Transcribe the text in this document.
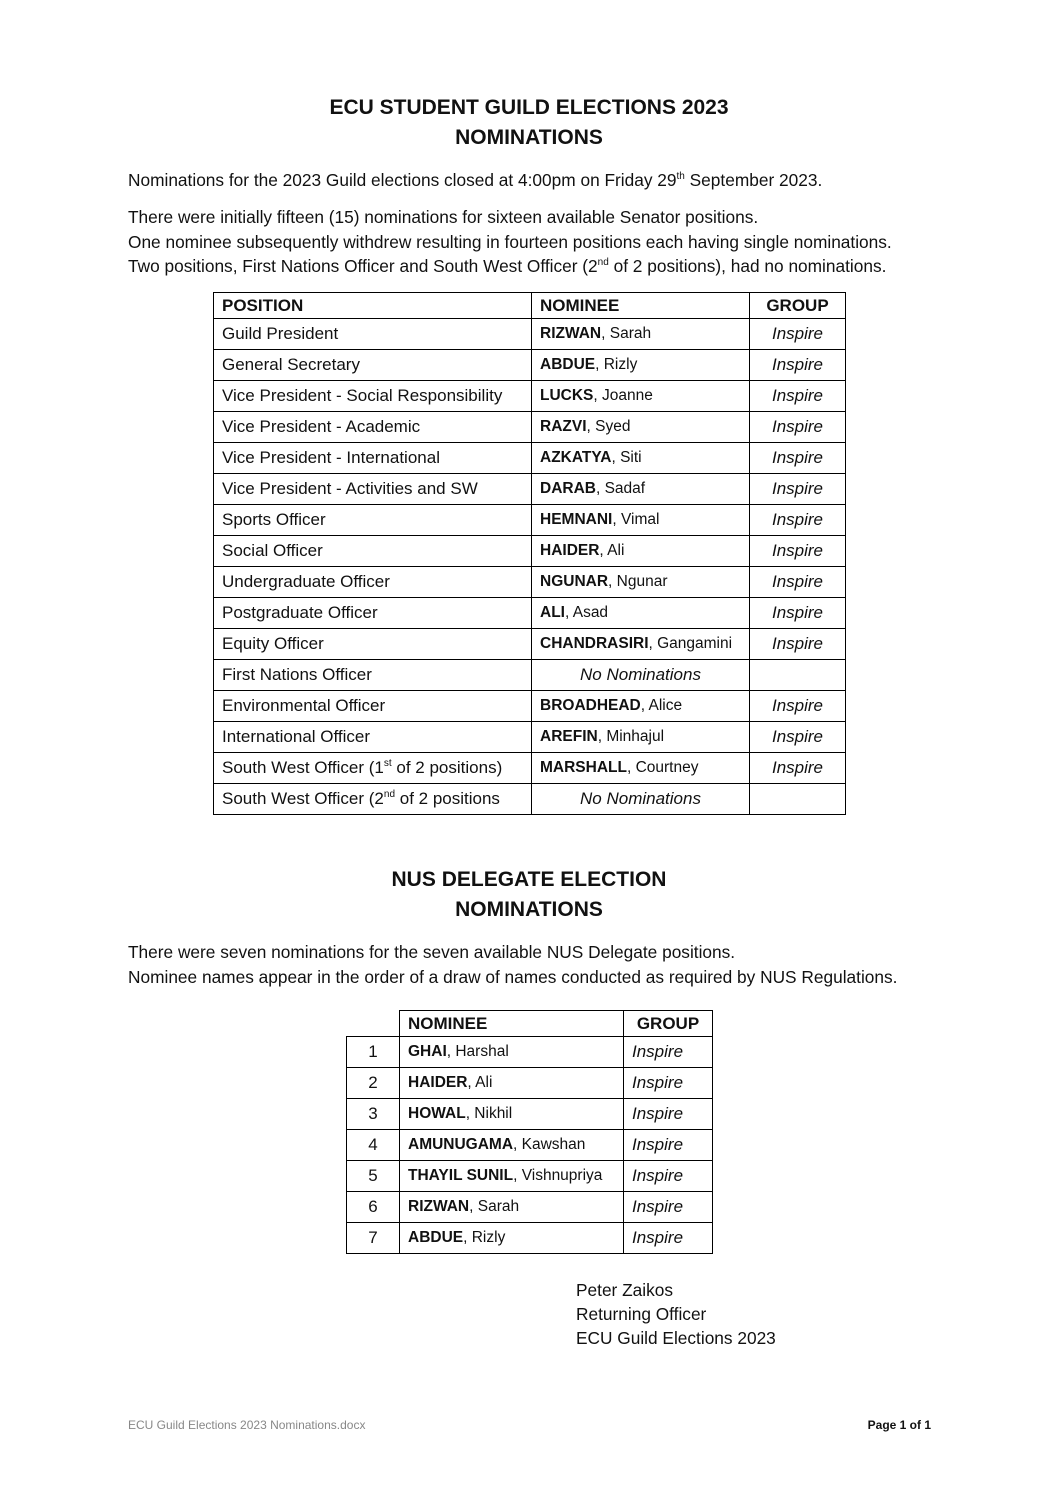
ECU STUDENT GUILD ELECTIONS 2023
NOMINATIONS
Nominations for the 2023 Guild elections closed at 4:00pm on Friday 29th September 2023.
There were initially fifteen (15) nominations for sixteen available Senator positions.
One nominee subsequently withdrew resulting in fourteen positions each having single nominations.
Two positions, First Nations Officer and South West Officer (2nd of 2 positions), had no nominations.
POSITION	NOMINEE	GROUP
Guild President	RIZWAN, Sarah	Inspire
General Secretary	ABDUE, Rizly	Inspire
Vice President - Social Responsibility	LUCKS, Joanne	Inspire
Vice President - Academic	RAZVI, Syed	Inspire
Vice President - International	AZKATYA, Siti	Inspire
Vice President - Activities and SW	DARAB, Sadaf	Inspire
Sports Officer	HEMNANI, Vimal	Inspire
Social Officer	HAIDER, Ali	Inspire
Undergraduate Officer	NGUNAR, Ngunar	Inspire
Postgraduate Officer	ALI, Asad	Inspire
Equity Officer	CHANDRASIRI, Gangamini	Inspire
First Nations Officer	No Nominations	
Environmental Officer	BROADHEAD, Alice	Inspire
International Officer	AREFIN, Minhajul	Inspire
South West Officer (1st of 2 positions)	MARSHALL, Courtney	Inspire
South West Officer (2nd of 2 positions	No Nominations	
NUS DELEGATE ELECTION
NOMINATIONS
There were seven nominations for the seven available NUS Delegate positions.
Nominee names appear in the order of a draw of names conducted as required by NUS Regulations.
	NOMINEE	GROUP
1	GHAI, Harshal	Inspire
2	HAIDER, Ali	Inspire
3	HOWAL, Nikhil	Inspire
4	AMUNUGAMA, Kawshan	Inspire
5	THAYIL SUNIL, Vishnupriya	Inspire
6	RIZWAN, Sarah	Inspire
7	ABDUE, Rizly	Inspire
Peter Zaikos
Returning Officer
ECU Guild Elections 2023
ECU Guild Elections 2023 Nominations.docx	Page 1 of 1
